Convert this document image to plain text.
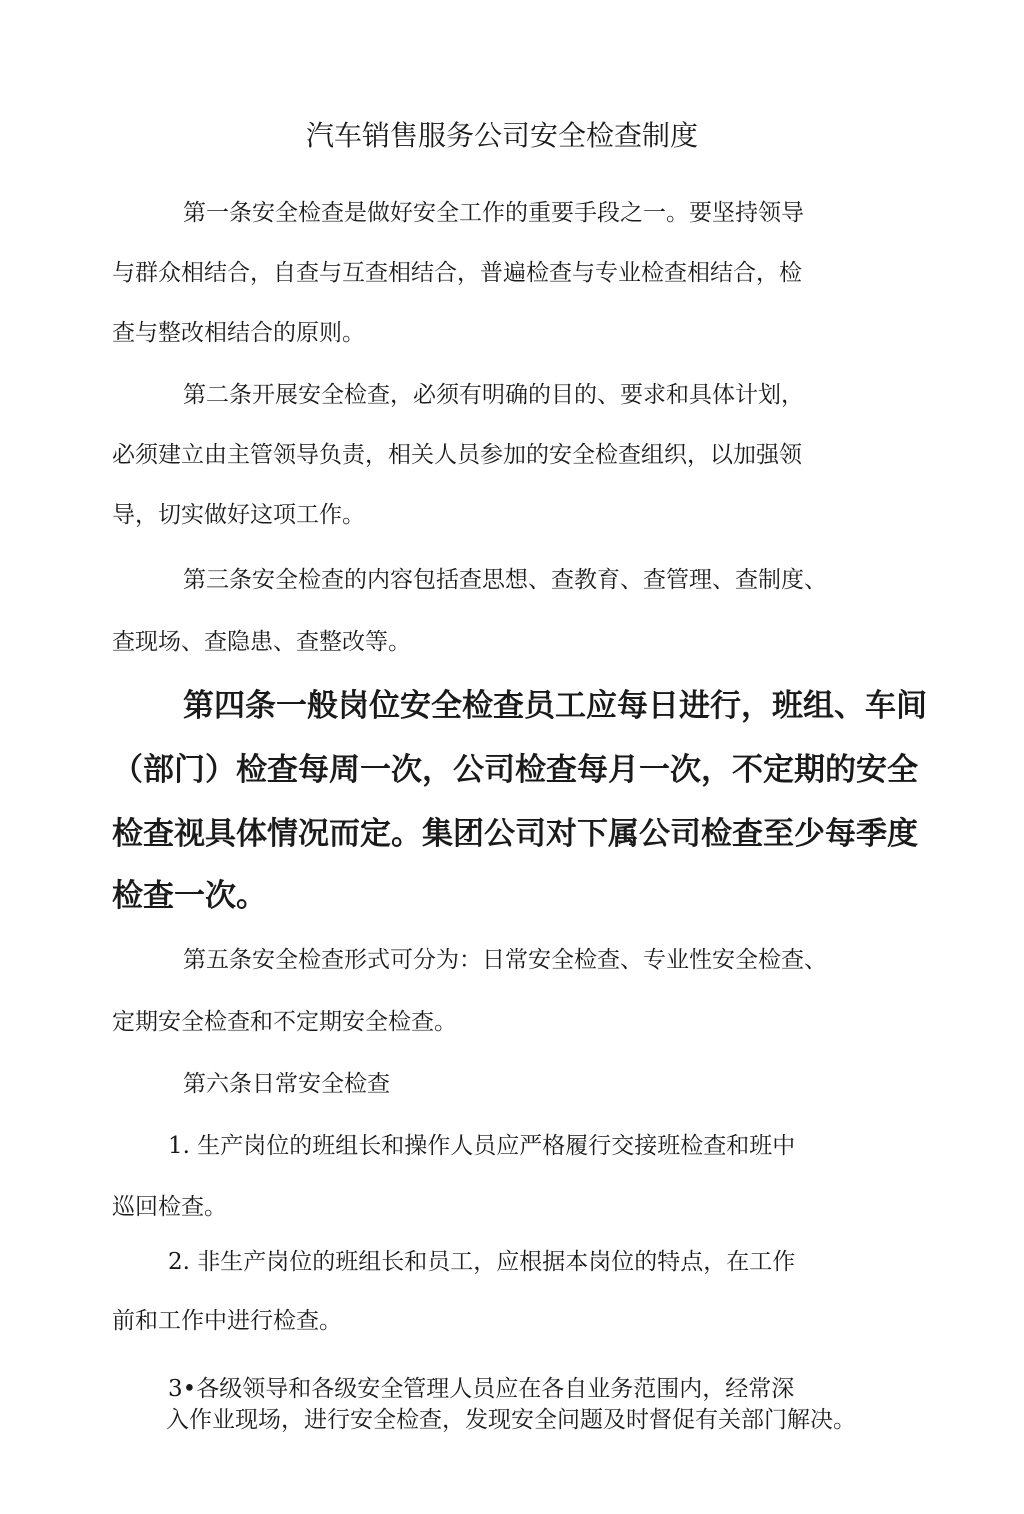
汽车销售服务公司安全检查制度
第一条安全检查是做好安全工作的重要手段之一。要坚持领导
与群众相结合，自查与互查相结合，普遍检查与专业检查相结合，检
查与整改相结合的原则。
第二条开展安全检查，必须有明确的目的、要求和具体计划，
必须建立由主管领导负责，相关人员参加的安全检查组织，以加强领
导，切实做好这项工作。
第三条安全检查的内容包括查思想、查教育、查管理、查制度、
查现场、查隐患、查整改等。
第四条一般岗位安全检查员工应每日进行，班组、车间
（部门）检查每周一次，公司检查每月一次，不定期的安全
检查视具体情况而定。集团公司对下属公司检查至少每季度
检查一次。
第五条安全检查形式可分为：日常安全检查、专业性安全检查、
定期安全检查和不定期安全检查。
第六条日常安全检查
1. 生产岗位的班组长和操作人员应严格履行交接班检查和班中
巡回检查。
2. 非生产岗位的班组长和员工，应根据本岗位的特点，在工作
前和工作中进行检查。
3•各级领导和各级安全管理人员应在各自业务范围内，经常深
入作业现场，进行安全检查，发现安全问题及时督促有关部门解决。
